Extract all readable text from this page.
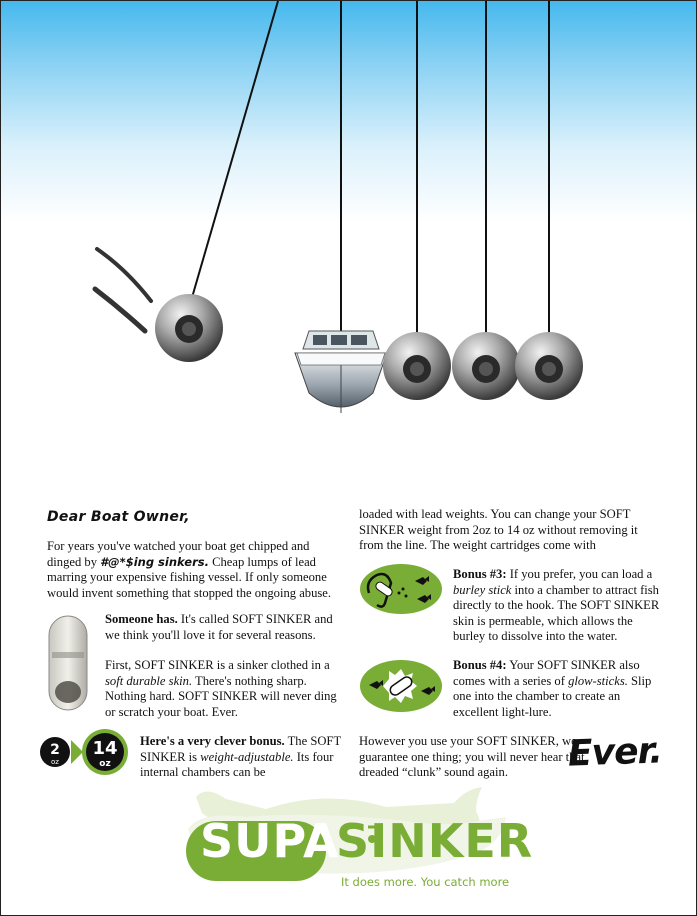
Dear Boat Owner,
For years you've watched your boat get chipped and dinged by #@*$ing sinkers. Cheap lumps of lead marring your expensive fishing vessel. If only someone would invent something that stopped the ongoing abuse.
Someone has. It's called SOFT SINKER and we think you'll love it for several reasons.
First, SOFT SINKER is a sinker clothed in a soft durable skin. There's nothing sharp. Nothing hard. SOFT SINKER will never ding or scratch your boat. Ever.
2
oz
14
oz
Here's a very clever bonus. The SOFT SINKER is weight-adjustable. Its four internal chambers can be
loaded with lead weights. You can change your SOFT SINKER weight from 2oz to 14 oz without removing it from the line. The weight cartridges come with
Bonus #3: If you prefer, you can load a burley stick into a chamber to attract fish directly to the hook. The SOFT SINKER skin is permeable, which allows the burley to dissolve into the water.
Bonus #4: Your SOFT SINKER also comes with a series of glow-sticks. Slip one into the chamber to create an excellent light-lure.
However you use your SOFT SINKER, we guarantee one thing; you will never hear that dreaded “clunk” sound again.	Ever.
SUPA
SINKER
It does more. You catch more
